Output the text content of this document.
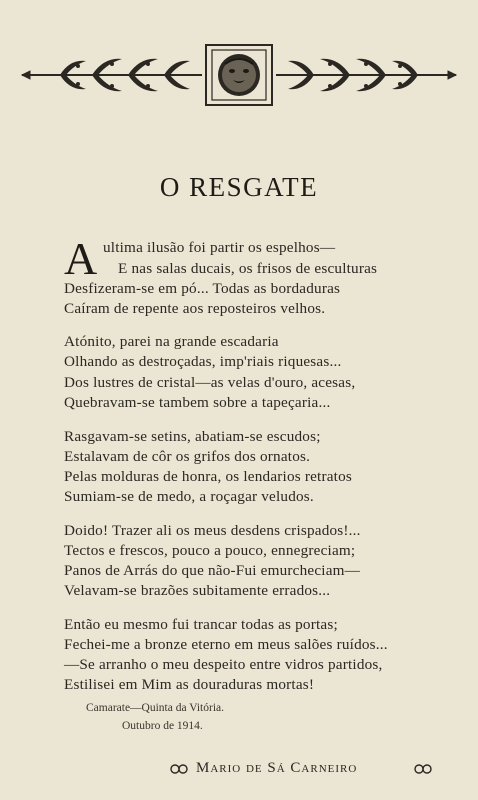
O RESGATE
A ultima ilusão foi partir os espelhos—
E nas salas ducais, os frisos de esculturas
Desfizeram-se em pó... Todas as bordaduras
Caíram de repente aos reposteiros velhos.
Atónito, parei na grande escadaria
Olhando as destroçadas, imp'riais riquesas...
Dos lustres de cristal—as velas d'ouro, acesas,
Quebravam-se tambem sobre a tapeçaria...
Rasgavam-se setins, abatiam-se escudos;
Estalavam de côr os grifos dos ornatos.
Pelas molduras de honra, os lendarios retratos
Sumiam-se de medo, a roçagar veludos.
Doido! Trazer ali os meus desdens crispados!...
Tectos e frescos, pouco a pouco, ennegreciam;
Panos de Arrás do que não-Fui emurcheciam—
Velavam-se brazões subitamente errados...
Então eu mesmo fui trancar todas as portas;
Fechei-me a bronze eterno em meus salões ruídos...
—Se arranho o meu despeito entre vidros partidos,
Estilisei em Mim as douraduras mortas!
Camarate—Quinta da Vitória.
Outubro de 1914.
Mario de Sá Carneiro
